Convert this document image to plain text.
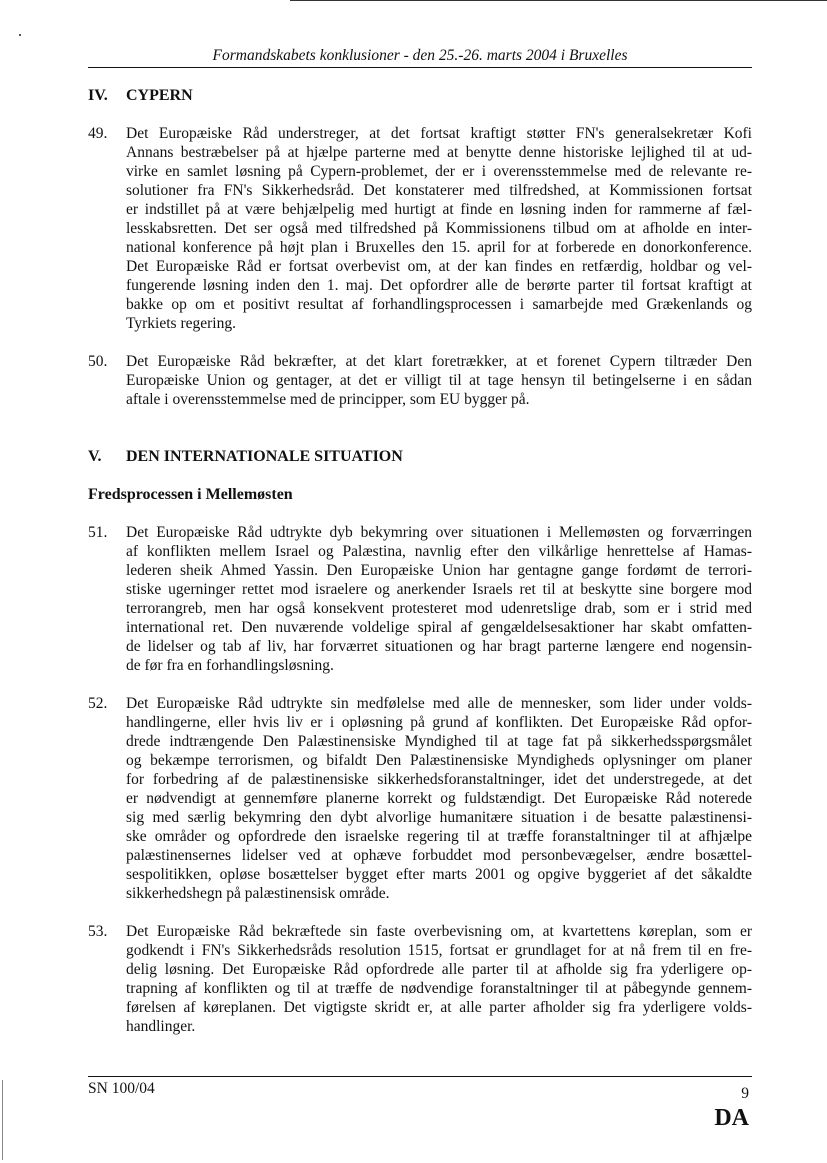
Formandskabets konklusioner - den 25.-26. marts 2004 i Bruxelles
IV. CYPERN
49.	Det Europæiske Råd understreger, at det fortsat kraftigt støtter FN's generalsekretær Kofi
Annans bestræbelser på at hjælpe parterne med at benytte denne historiske lejlighed til at ud-
virke en samlet løsning på Cypern-problemet, der er i overensstemmelse med de relevante re-
solutioner fra FN's Sikkerhedsråd. Det konstaterer med tilfredshed, at Kommissionen fortsat
er indstillet på at være behjælpelig med hurtigt at finde en løsning inden for rammerne af fæl-
lesskabsretten. Det ser også med tilfredshed på Kommissionens tilbud om at afholde en inter-
national konference på højt plan i Bruxelles den 15. april for at forberede en donorkonference.
Det Europæiske Råd er fortsat overbevist om, at der kan findes en retfærdig, holdbar og vel-
fungerende løsning inden den 1. maj. Det opfordrer alle de berørte parter til fortsat kraftigt at
bakke op om et positivt resultat af forhandlingsprocessen i samarbejde med Grækenlands og
Tyrkiets regering.
50.	Det Europæiske Råd bekræfter, at det klart foretrækker, at et forenet Cypern tiltræder Den
Europæiske Union og gentager, at det er villigt til at tage hensyn til betingelserne i en sådan
aftale i overensstemmelse med de principper, som EU bygger på.
V. DEN INTERNATIONALE SITUATION
Fredsprocessen i Mellemøsten
51.	Det Europæiske Råd udtrykte dyb bekymring over situationen i Mellemøsten og forværringen
af konflikten mellem Israel og Palæstina, navnlig efter den vilkårlige henrettelse af Hamas-
lederen sheik Ahmed Yassin. Den Europæiske Union har gentagne gange fordømt de terrori-
stiske ugerninger rettet mod israelere og anerkender Israels ret til at beskytte sine borgere mod
terrorangreb, men har også konsekvent protesteret mod udenretslige drab, som er i strid med
international ret. Den nuværende voldelige spiral af gengældelsesaktioner har skabt omfatten-
de lidelser og tab af liv, har forværret situationen og har bragt parterne længere end nogensin-
de før fra en forhandlingsløsning.
52.	Det Europæiske Råd udtrykte sin medfølelse med alle de mennesker, som lider under volds-
handlingerne, eller hvis liv er i opløsning på grund af konflikten. Det Europæiske Råd opfor-
drede indtrængende Den Palæstinensiske Myndighed til at tage fat på sikkerhedsspørgsmålet
og bekæmpe terrorismen, og bifaldt Den Palæstinensiske Myndigheds oplysninger om planer
for forbedring af de palæstinensiske sikkerhedsforanstaltninger, idet det understregede, at det
er nødvendigt at gennemføre planerne korrekt og fuldstændigt. Det Europæiske Råd noterede
sig med særlig bekymring den dybt alvorlige humanitære situation i de besatte palæstinensi-
ske områder og opfordrede den israelske regering til at træffe foranstaltninger til at afhjælpe
palæstinensernes lidelser ved at ophæve forbuddet mod personbevægelser, ændre bosættel-
sespolitikken, opløse bosættelser bygget efter marts 2001 og opgive byggeriet af det såkaldte
sikkerhedshegn på palæstinensisk område.
53.	Det Europæiske Råd bekræftede sin faste overbevisning om, at kvartettens køreplan, som er
godkendt i FN's Sikkerhedsråds resolution 1515, fortsat er grundlaget for at nå frem til en fre-
delig løsning. Det Europæiske Råd opfordrede alle parter til at afholde sig fra yderligere op-
trapning af konflikten og til at træffe de nødvendige foranstaltninger til at påbegynde gennem-
førelsen af køreplanen. Det vigtigste skridt er, at alle parter afholder sig fra yderligere volds-
handlinger.
SN 100/04	9
DA
